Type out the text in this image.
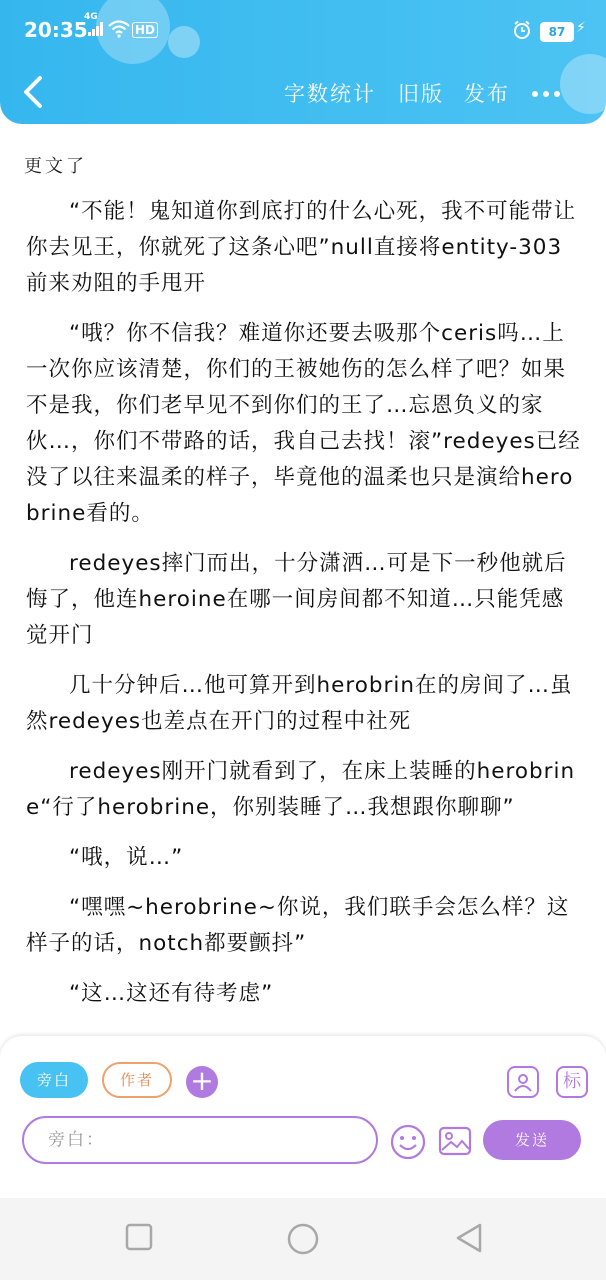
20:35
4G
HD	87 ⚡
字数统计 旧版 发布
更文了

“不能！鬼知道你到底打的什么心死，我不可能带让你去见王，你就死了这条心吧”null直接将entity-303前来劝阻的手甩开

“哦？你不信我？难道你还要去吸那个ceris吗…上一次你应该清楚，你们的王被她伤的怎么样了吧？如果不是我，你们老早见不到你们的王了…忘恩负义的家伙…，你们不带路的话，我自己去找！滚”redeyes已经没了以往来温柔的样子，毕竟他的温柔也只是演给herobrine看的。

redeyes摔门而出，十分潇洒…可是下一秒他就后悔了，他连heroine在哪一间房间都不知道…只能凭感觉开门

几十分钟后…他可算开到herobrin在的房间了…虽然redeyes也差点在开门的过程中社死

redeyes刚开门就看到了，在床上装睡的herobrine“行了herobrine，你别装睡了…我想跟你聊聊”

“哦，说…”

“嘿嘿~herobrine~你说，我们联手会怎么样？这样子的话，notch都要颤抖”

“这…这还有待考虑”

旁白	作者	+	标
旁白：	发送
